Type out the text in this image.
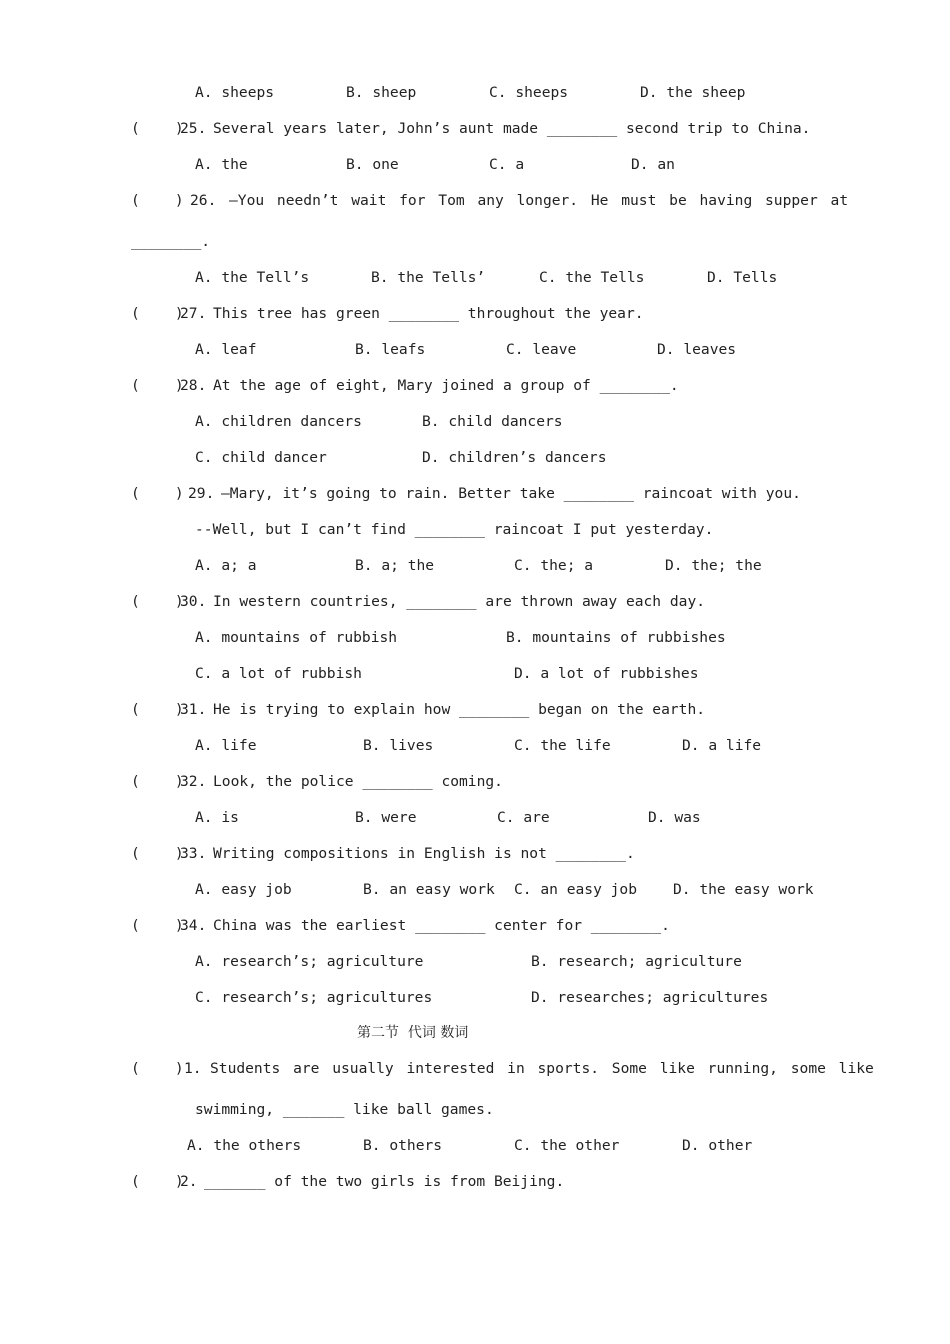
A. sheeps	B. sheep	C. sheeps	D. the sheep
(    )
25. Several years later, John’s aunt made ________ second trip to China.
A. the	B. one	C. a	D. an
(    ) 26. –You needn’t wait for Tom any longer. He must be having supper at
________.
A. the Tell’s	B. the Tells’	C. the Tells	D. Tells
(    )
27. This tree has green ________ throughout the year.
A. leaf	B. leafs	C. leave	D. leaves
(    )
28. At the age of eight, Mary joined a group of ________.
A. children dancers	B. child dancers
C. child dancer	D. children’s dancers
(    ) 29. –Mary, it’s going to rain. Better take ________ raincoat with you.
--Well, but I can’t find ________ raincoat I put yesterday.
A. a; a	B. a; the	C. the; a	D. the; the
(    )
30. In western countries, ________ are thrown away each day.
A. mountains of rubbish	B. mountains of rubbishes
C. a lot of rubbish	D. a lot of rubbishes
(    )
31. He is trying to explain how ________ began on the earth.
A. life	B. lives	C. the life	D. a life
(    )
32. Look, the police ________ coming.
A. is	B. were	C. are	D. was
(    )
33. Writing compositions in English is not ________.
A. easy job	B. an easy work C. an easy job D. the easy work
(    )
34. China was the earliest ________ center for ________.
A. research’s; agriculture	B. research; agriculture
C. research’s; agricultures	D. researches; agricultures
第二节  代词 数词
(    ) 1. Students are usually interested in sports. Some like running, some like
swimming, _______ like ball games.
A. the others	B. others	C. the other	D. other
(    )
2. _______ of the two girls is from Beijing.
